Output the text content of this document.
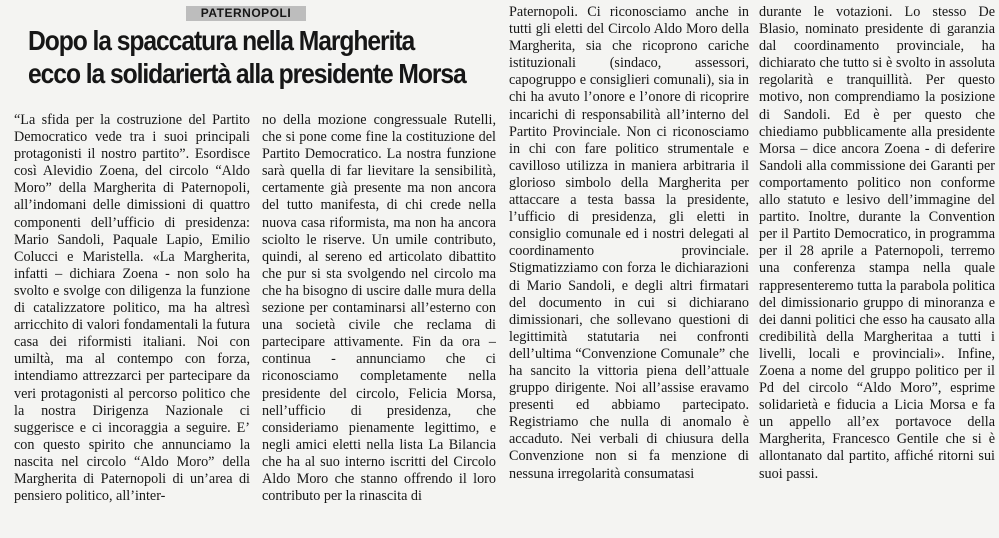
PATERNOPOLI
Dopo la spaccatura nella Margherita
ecco la solidariertà alla presidente Morsa

“La sfida per la costruzione del Partito Democratico vede tra i suoi principali protagonisti il nostro partito”. Esordisce così Alevidio Zoena, del circolo “Aldo Moro” della Margherita di Paternopoli, all’indomani delle dimissioni di quattro componenti dell’ufficio di presidenza: Mario Sandoli, Paquale Lapio, Emilio Colucci e Maristella. «La Margherita, infatti – dichiara Zoena - non solo ha svolto e svolge con diligenza la funzione di catalizzatore politico, ma ha altresì arricchito di valori fondamentali la futura casa dei riformisti italiani. Noi con umiltà, ma al contempo con forza, intendiamo attrezzarci per partecipare da veri protagonisti al percorso politico che la nostra Dirigenza Nazionale ci suggerisce e ci incoraggia a seguire. E’ con questo spirito che annunciamo la nascita nel circolo “Aldo Moro” della Margherita di Paternopoli di un’area di pensiero politico, all’inter-

no della mozione congressuale Rutelli, che si pone come fine la costituzione del Partito Democratico. La nostra funzione sarà quella di far lievitare la sensibilità, certamente già presente ma non ancora del tutto manifesta, di chi crede nella nuova casa riformista, ma non ha ancora sciolto le riserve. Un umile contributo, quindi, al sereno ed articolato dibattito che pur si sta svolgendo nel circolo ma che ha bisogno di uscire dalle mura della sezione per contaminarsi all’esterno con una società civile che reclama di partecipare attivamente. Fin da ora – continua - annunciamo che ci riconosciamo completamente nella presidente del circolo, Felicia Morsa, nell’ufficio di presidenza, che consideriamo pienamente legittimo, e negli amici eletti nella lista La Bilancia che ha al suo interno iscritti del Circolo Aldo Moro che stanno offrendo il loro contributo per la rinascita di

Paternopoli. Ci riconosciamo anche in tutti gli eletti del Circolo Aldo Moro della Margherita, sia che ricoprono cariche istituzionali (sindaco, assessori, capogruppo e consiglieri comunali), sia in chi ha avuto l’onore e l’onore di ricoprire incarichi di responsabilità all’interno del Partito Provinciale. Non ci riconosciamo in chi con fare politico strumentale e cavilloso utilizza in maniera arbitraria il glorioso simbolo della Margherita per attaccare a testa bassa la presidente, l’ufficio di presidenza, gli eletti in consiglio comunale ed i nostri delegati al coordinamento provinciale. Stigmatizziamo con forza le dichiarazioni di Mario Sandoli, e degli altri firmatari del documento in cui si dichiarano dimissionari, che sollevano questioni di legittimità statutaria nei confronti dell’ultima “Convenzione Comunale” che ha sancito la vittoria piena dell’attuale gruppo dirigente. Noi all’assise eravamo presenti ed abbiamo partecipato. Registriamo che nulla di anomalo è accaduto. Nei verbali di chiusura della Convenzione non si fa menzione di nessuna irregolarità consumatasi

durante le votazioni. Lo stesso De Blasio, nominato presidente di garanzia dal coordinamento provinciale, ha dichiarato che tutto si è svolto in assoluta regolarità e tranquillità. Per questo motivo, non comprendiamo la posizione di Sandoli. Ed è per questo che chiediamo pubblicamente alla presidente Morsa – dice ancora Zoena - di deferire Sandoli alla commissione dei Garanti per comportamento politico non conforme allo statuto e lesivo dell’immagine del partito. Inoltre, durante la Convention per il Partito Democratico, in programma per il 28 aprile a Paternopoli, terremo una conferenza stampa nella quale rappresenteremo tutta la parabola politica del dimissionario gruppo di minoranza e dei danni politici che esso ha causato alla credibilità della Margheritaa a tutti i livelli, locali e provinciali». Infine, Zoena a nome del gruppo politico per il Pd del circolo “Aldo Moro”, esprime solidarietà e fiducia a Licia Morsa e fa un appello all’ex portavoce della Margherita, Francesco Gentile che si è allontanato dal partito, affiché ritorni sui suoi passi.
